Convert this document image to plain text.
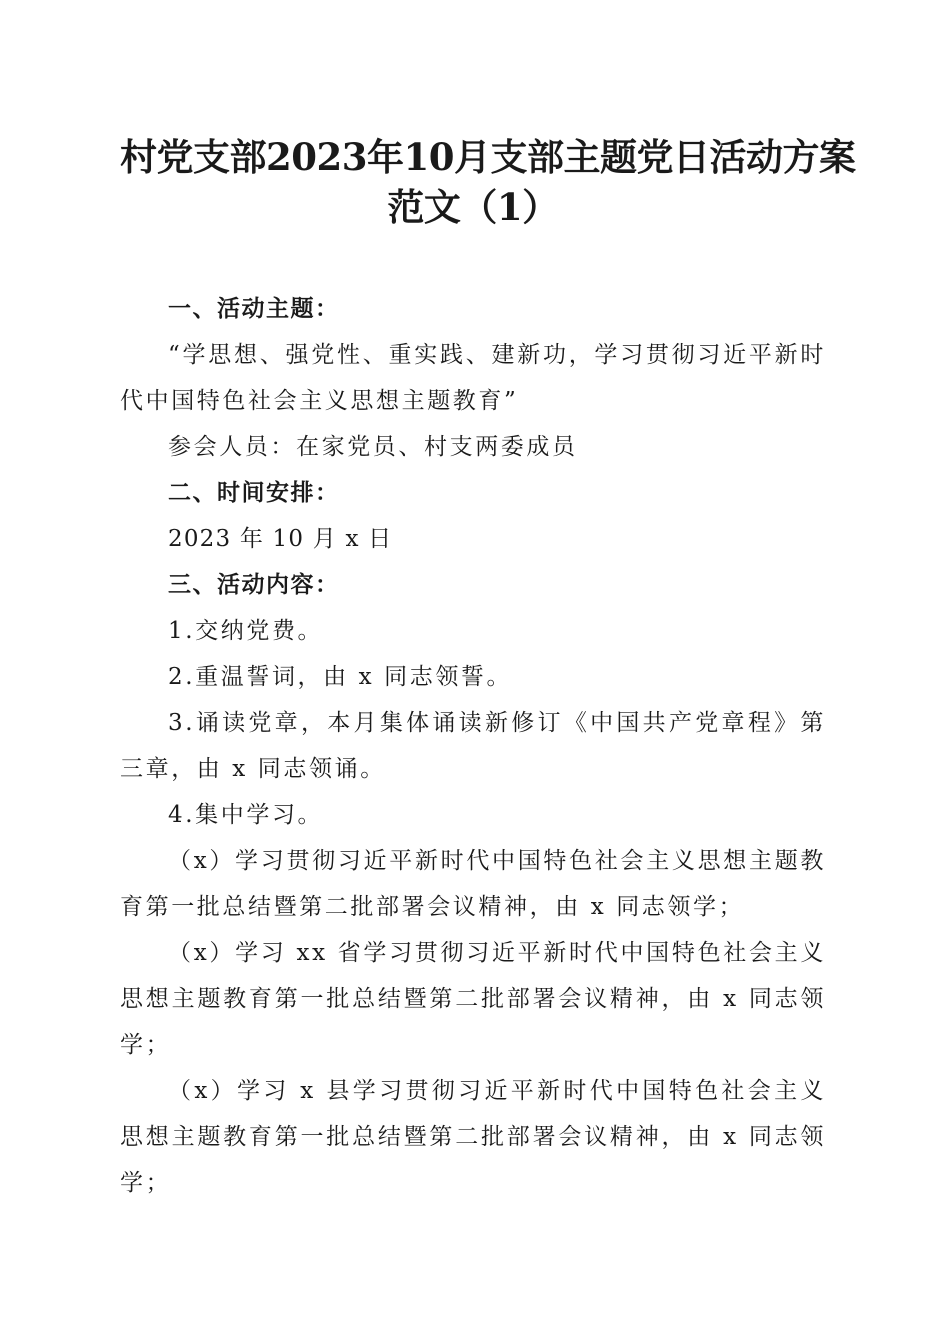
村党支部2023年10月支部主题党日活动方案
范文（1）

一、活动主题：

“学思想、强党性、重实践、建新功，学习贯彻习近平新时代中国特色社会主义思想主题教育”

参会人员：在家党员、村支两委成员

二、时间安排：

2023 年 10 月 x 日

三、活动内容：

1.交纳党费。

2.重温誓词，由 x 同志领誓。

3.诵读党章，本月集体诵读新修订《中国共产党章程》第三章，由 x 同志领诵。

4.集中学习。

（x）学习贯彻习近平新时代中国特色社会主义思想主题教育第一批总结暨第二批部署会议精神，由 x 同志领学；

（x）学习 xx 省学习贯彻习近平新时代中国特色社会主义思想主题教育第一批总结暨第二批部署会议精神，由 x 同志领学；

（x）学习 x 县学习贯彻习近平新时代中国特色社会主义思想主题教育第一批总结暨第二批部署会议精神，由 x 同志领学；
